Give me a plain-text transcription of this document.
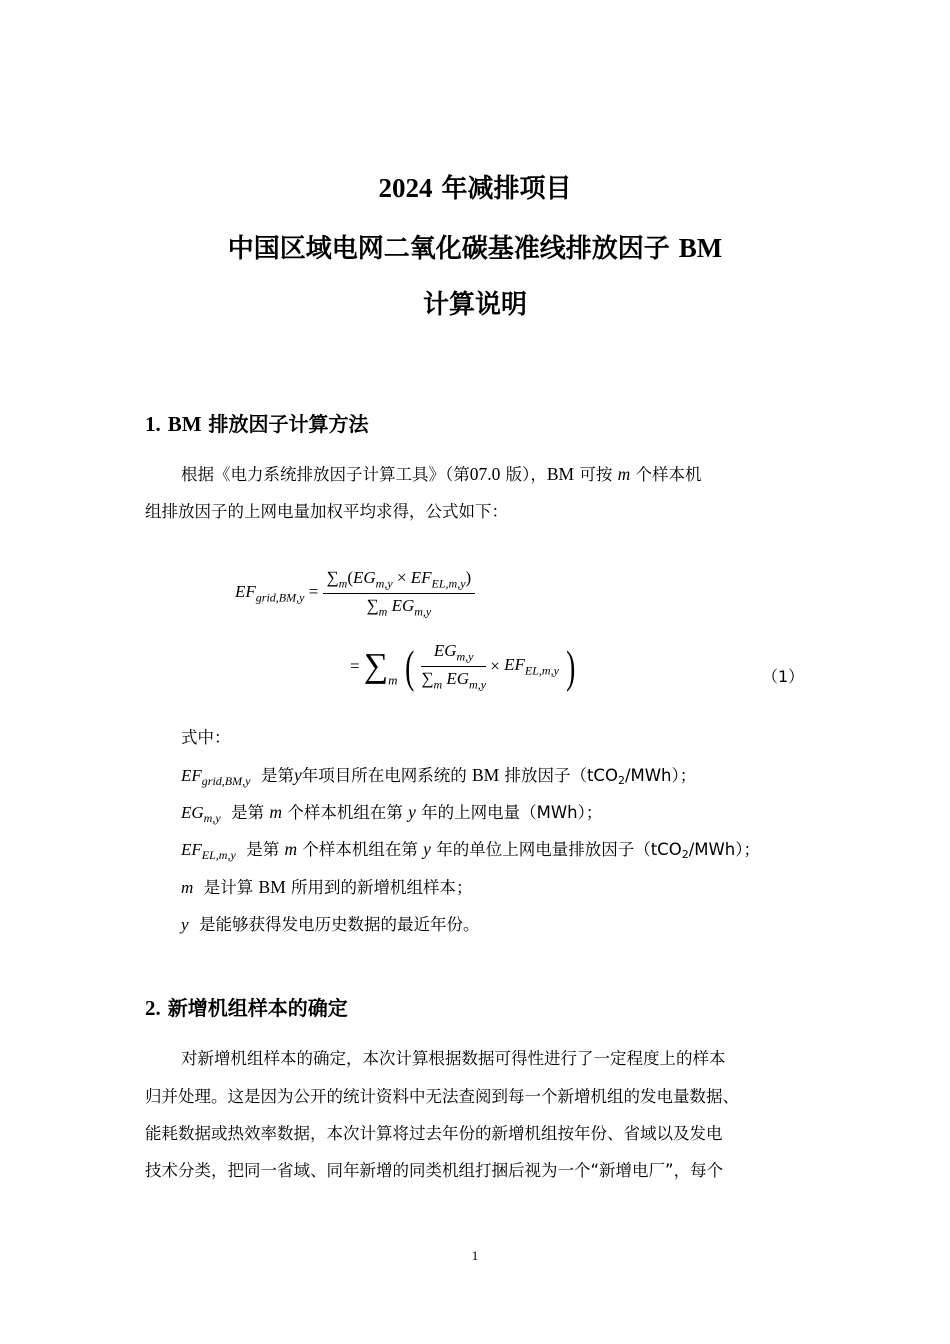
2024 年减排项目
中国区域电网二氧化碳基准线排放因子 BM
计算说明
1. BM 排放因子计算方法
根据《电力系统排放因子计算工具》（第07.0 版），BM 可按 m 个样本机
组排放因子的上网电量加权平均求得，公式如下：
$EF_{grid,BM,y} = \frac{\sum_m(EG_{m,y} \times EF_{EL,m,y})}{\sum_m EG_{m,y}}$
= $\sum_m$ ( $\frac{EG_{m,y}}{\sum_m EG_{m,y}} \times EF_{EL,m,y}$ )	（1）
式中：
$EF_{grid,BM,y}$ 是第y年项目所在电网系统的 BM 排放因子（tCO$_2$/MWh）；
$EG_{m,y}$ 是第 m 个样本机组在第 y 年的上网电量（MWh）；
$EF_{EL,m,y}$ 是第 m 个样本机组在第 y 年的单位上网电量排放因子（tCO$_2$/MWh）；
m 是计算 BM 所用到的新增机组样本；
y 是能够获得发电历史数据的最近年份。
2. 新增机组样本的确定
对新增机组样本的确定，本次计算根据数据可得性进行了一定程度上的样本
归并处理。这是因为公开的统计资料中无法查阅到每一个新增机组的发电量数据、
能耗数据或热效率数据，本次计算将过去年份的新增机组按年份、省域以及发电
技术分类，把同一省域、同年新增的同类机组打捆后视为一个“新增电厂”，每个
1
